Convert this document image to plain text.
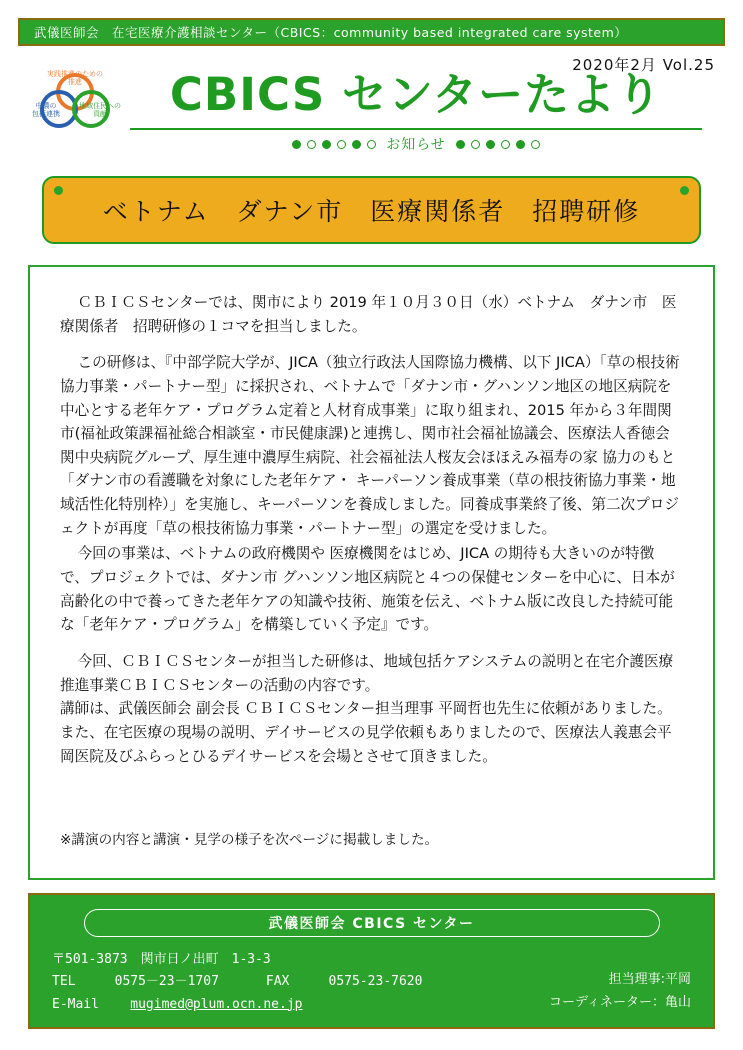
武儀医師会　在宅医療介護相談センター（CBICS：community based integrated care system）
2020年2月 Vol.25
実践推進のための
推進
中濃の
包括連携
地域住民への
貢献	CBICS センターたより
お知らせ
ベトナム　ダナン市　医療関係者　招聘研修

ＣＢＩＣＳセンターでは、関市により 2019 年１０月３０日（水）ベトナム　ダナン市　医療関係者　招聘研修の１コマを担当しました。

この研修は、『中部学院大学が、JICA（独立行政法人国際協力機構、以下 JICA）「草の根技術協力事業・パートナー型」に採択され、ベトナムで「ダナン市・グハンソン地区の地区病院を中心とする老年ケア・プログラム定着と人材育成事業」に取り組まれ、2015 年から３年間関市(福祉政策課福祉総合相談室・市民健康課)と連携し、関市社会福祉協議会、医療法人香徳会関中央病院グループ、厚生連中濃厚生病院、社会福祉法人桜友会ほほえみ福寿の家 協力のもと「ダナン市の看護職を対象にした老年ケア・ キーパーソン養成事業（草の根技術協力事業・地域活性化特別枠）」を実施し、キーパーソンを養成しました。同養成事業終了後、第二次プロジェクトが再度「草の根技術協力事業・パートナー型」の選定を受けました。

今回の事業は、ベトナムの政府機関や 医療機関をはじめ、JICA の期待も大きいのが特徴で、プロジェクトでは、ダナン市 グハンソン地区病院と４つの保健センターを中心に、日本が高齢化の中で養ってきた老年ケアの知識や技術、施策を伝え、ベトナム版に改良した持続可能な「老年ケア・プログラム」を構築していく予定』です。

今回、ＣＢＩＣＳセンターが担当した研修は、地域包括ケアシステムの説明と在宅介護医療推進事業ＣＢＩＣＳセンターの活動の内容です。

講師は、武儀医師会 副会長 ＣＢＩＣＳセンター担当理事 平岡哲也先生に依頼がありました。

また、在宅医療の現場の説明、デイサービスの見学依頼もありましたので、医療法人義惠会平岡医院及びふらっとひるデイサービスを会場とさせて頂きました。

※講演の内容と講演・見学の様子を次ページに掲載しました。
武儀医師会 CBICS センター
〒501-3873　関市日ノ出町　1-3-3
TEL	0575－23－1707	FAX	0575-23-7620
E-Mail mugimed@plum.ocn.ne.jp
担当理事:平岡
コーディネーター：亀山
